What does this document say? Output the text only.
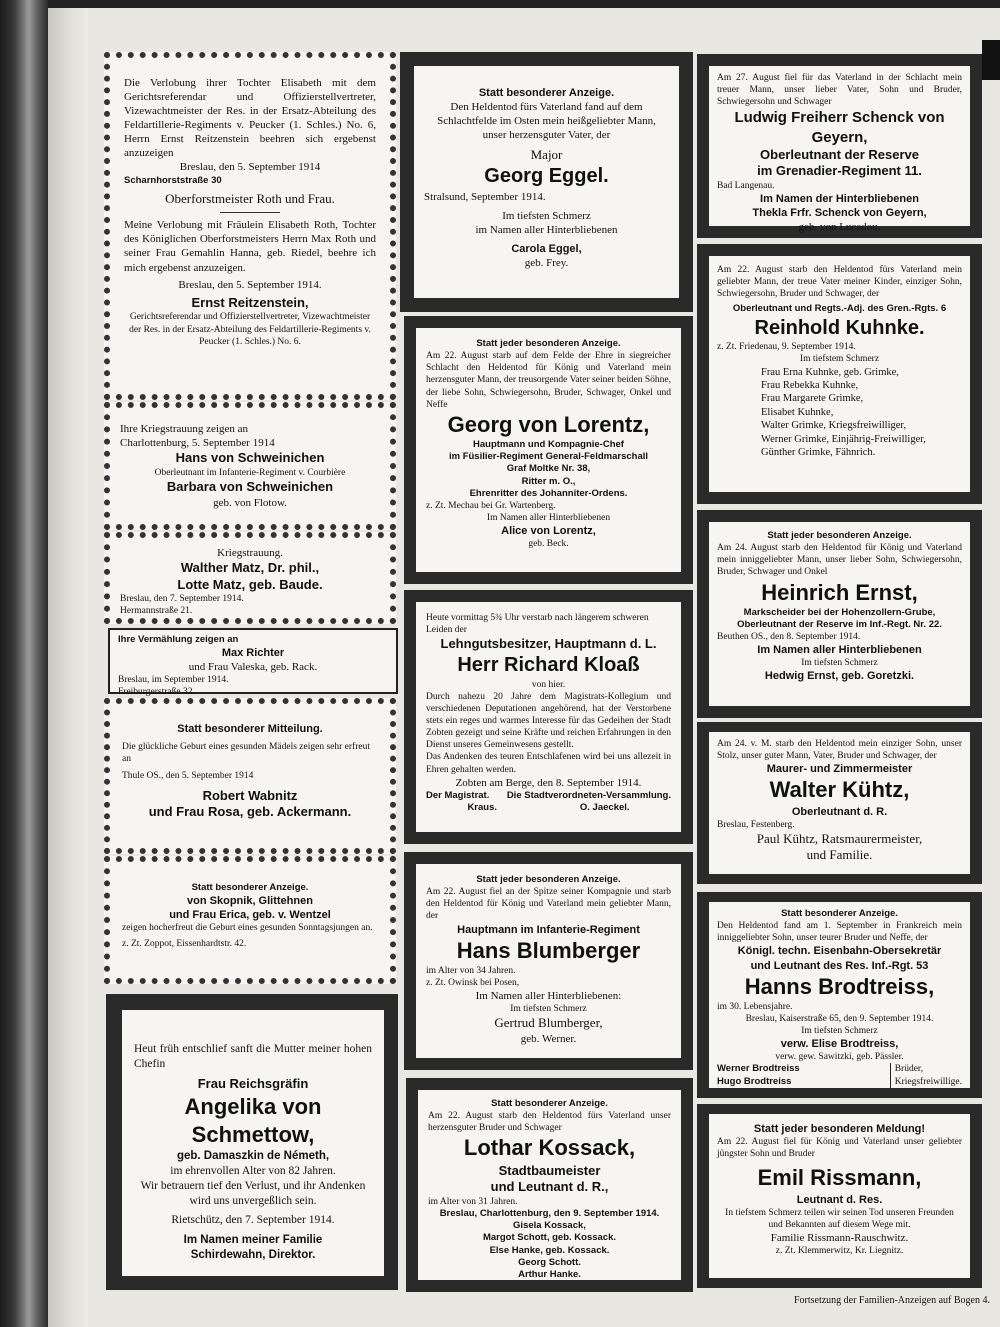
Die Verlobung ihrer Tochter Elisabeth mit dem Gerichtsreferendar und Offizierstellvertreter, Vizewachtmeister der Res. in der Ersatz-Abteilung des Feldartillerie-Regiments v. Peucker (1. Schles.) No. 6, Herrn Ernst Reitzenstein beehren sich ergebenst anzuzeigen

Breslau, den 5. September 1914

Scharnhorststraße 30

Oberforstmeister Roth und Frau.

Meine Verlobung mit Fräulein Elisabeth Roth, Tochter des Königlichen Oberforstmeisters Herrn Max Roth und seiner Frau Gemahlin Hanna, geb. Riedel, beehre ich mich ergebenst anzuzeigen.

Breslau, den 5. September 1914.

Ernst Reitzenstein,

Gerichtsreferendar und Offizierstellvertreter, Vizewachtmeister der Res. in der Ersatz-Abteilung des Feldartillerie-Regiments v. Peucker (1. Schles.) No. 6.

Ihre Kriegstrauung zeigen an

Charlottenburg, 5. September 1914

Hans von Schweinichen

Oberleutnant im Infanterie-Regiment v. Courbière

Barbara von Schweinichen

geb. von Flotow.

Kriegstrauung.

Walther Matz, Dr. phil.,

Lotte Matz, geb. Baude.

Breslau, den 7. September 1914.

Hermannstraße 21.

Ihre Vermählung zeigen an

Max Richter

und Frau Valeska, geb. Rack.

Breslau, im September 1914.

Freiburgerstraße 32.

Statt besonderer Mitteilung.

Die glückliche Geburt eines gesunden Mädels zeigen sehr erfreut an

Thule OS., den 5. September 1914

Robert Wabnitz

und Frau Rosa, geb. Ackermann.

Statt besonderer Anzeige.

von Skopnik, Glittehnen

und Frau Erica, geb. v. Wentzel

zeigen hocherfreut die Geburt eines gesunden Sonntagsjungen an.

z. Zt. Zoppot, Eissenhardtstr. 42.

Heut früh entschlief sanft die Mutter meiner hohen Chefin

Frau Reichsgräfin

Angelika von Schmettow,

geb. Damaszkin de Németh,

im ehrenvollen Alter von 82 Jahren.

Wir betrauern tief den Verlust, und ihr Andenken wird uns unvergeßlich sein.

Rietschütz, den 7. September 1914.

Im Namen meiner Familie

Schirdewahn, Direktor.

Statt besonderer Anzeige.

Den Heldentod fürs Vaterland fand auf dem Schlachtfelde im Osten mein heißgeliebter Mann, unser herzensguter Vater, der

Major

Georg Eggel.

Stralsund, September 1914.

Im tiefsten Schmerz

im Namen aller Hinterbliebenen

Carola Eggel,

geb. Frey.

Statt jeder besonderen Anzeige.

Am 22. August starb auf dem Felde der Ehre in siegreicher Schlacht den Heldentod für König und Vaterland mein herzensguter Mann, der treusorgende Vater seiner beiden Söhne, der liebe Sohn, Schwiegersohn, Bruder, Schwager, Onkel und Neffe

Georg von Lorentz,

Hauptmann und Kompagnie-Chef

im Füsilier-Regiment General-Feldmarschall

Graf Moltke Nr. 38,

Ritter m. O.,

Ehrenritter des Johanniter-Ordens.

z. Zt. Mechau bei Gr. Wartenberg.

Im Namen aller Hinterbliebenen

Alice von Lorentz,

geb. Beck.

Heute vormittag 5¾ Uhr verstarb nach längerem schweren Leiden der

Lehngutsbesitzer, Hauptmann d. L.

Herr Richard Kloaß

von hier.

Durch nahezu 20 Jahre dem Magistrats-Kollegium und verschiedenen Deputationen angehörend, hat der Verstorbene stets ein reges und warmes Interesse für das Gedeihen der Stadt Zobten gezeigt und seine Kräfte und reichen Erfahrungen in den Dienst unseres Gemeinwesens gestellt.

Das Andenken des teuren Entschlafenen wird bei uns allezeit in Ehren gehalten werden.

Zobten am Berge, den 8. September 1914.

Der Magistrat. Die Stadtverordneten-Versammlung.
Kraus.	O. Jaeckel.

Statt jeder besonderen Anzeige.

Am 22. August fiel an der Spitze seiner Kompagnie und starb den Heldentod für König und Vaterland mein geliebter Mann, der

Hauptmann im Infanterie-Regiment

Hans Blumberger

im Alter von 34 Jahren.

z. Zt. Owinsk bei Posen,

Im Namen aller Hinterbliebenen:

Im tiefsten Schmerz

Gertrud Blumberger,

geb. Werner.

Statt besonderer Anzeige.

Am 22. August starb den Heldentod fürs Vaterland unser herzensguter Bruder und Schwager

Lothar Kossack,

Stadtbaumeister

und Leutnant d. R.,

im Alter von 31 Jahren.

Breslau, Charlottenburg, den 9. September 1914.

Gisela Kossack,

Margot Schott, geb. Kossack.

Else Hanke, geb. Kossack.

Georg Schott.

Arthur Hanke.

Am 27. August fiel für das Vaterland in der Schlacht mein treuer Mann, unser lieber Vater, Sohn und Bruder, Schwiegersohn und Schwager

Ludwig Freiherr Schenck von Geyern,

Oberleutnant der Reserve

im Grenadier-Regiment 11.

Bad Langenau.

Im Namen der Hinterbliebenen

Thekla Frfr. Schenck von Geyern,

geb. von Lucadou.

Am 22. August starb den Heldentod fürs Vaterland mein geliebter Mann, der treue Vater meiner Kinder, einziger Sohn, Schwiegersohn, Bruder und Schwager, der

Oberleutnant und Regts.-Adj. des Gren.-Rgts. 6

Reinhold Kuhnke.

z. Zt. Friedenau, 9. September 1914.

Im tiefstem Schmerz

Frau Erna Kuhnke, geb. Grimke,

Frau Rebekka Kuhnke,

Frau Margarete Grimke,

Elisabet Kuhnke,

Walter Grimke, Kriegsfreiwilliger,

Werner Grimke, Einjährig-Freiwilliger,

Günther Grimke, Fähnrich.

Statt jeder besonderen Anzeige.

Am 24. August starb den Heldentod für König und Vaterland mein inniggeliebter Mann, unser lieber Sohn, Schwiegersohn, Bruder, Schwager und Onkel

Heinrich Ernst,

Markscheider bei der Hohenzollern-Grube,

Oberleutnant der Reserve im Inf.-Regt. Nr. 22.

Beuthen OS., den 8. September 1914.

Im Namen aller Hinterbliebenen

Im tiefsten Schmerz

Hedwig Ernst, geb. Goretzki.

Am 24. v. M. starb den Heldentod mein einziger Sohn, unser Stolz, unser guter Mann, Vater, Bruder und Schwager, der

Maurer- und Zimmermeister

Walter Kühtz,

Oberleutnant d. R.

Breslau, Festenberg.

Paul Kühtz, Ratsmaurermeister,

und Familie.

Statt besonderer Anzeige.

Den Heldentod fand am 1. September in Frankreich mein inniggeliebter Sohn, unser teurer Bruder und Neffe, der

Königl. techn. Eisenbahn-Obersekretär

und Leutnant des Res. Inf.-Rgt. 53

Hanns Brodtreiss,

im 30. Lebensjahre.

Breslau, Kaiserstraße 65, den 9. September 1914.

Im tiefsten Schmerz

verw. Elise Brodtreiss,

verw. gew. Sawitzki, geb. Pässler.

Werner Brodtreiss

Hugo Brodtreiss

Brüder,

Kriegsfreiwillige.

Statt jeder besonderen Meldung!

Am 22. August fiel für König und Vaterland unser geliebter jüngster Sohn und Bruder

Emil Rissmann,

Leutnant d. Res.

In tiefstem Schmerz teilen wir seinen Tod unseren Freunden und Bekannten auf diesem Wege mit.

Familie Rissmann-Rauschwitz.

z. Zt. Klemmerwitz, Kr. Liegnitz.

Fortsetzung der Familien-Anzeigen auf Bogen 4.
